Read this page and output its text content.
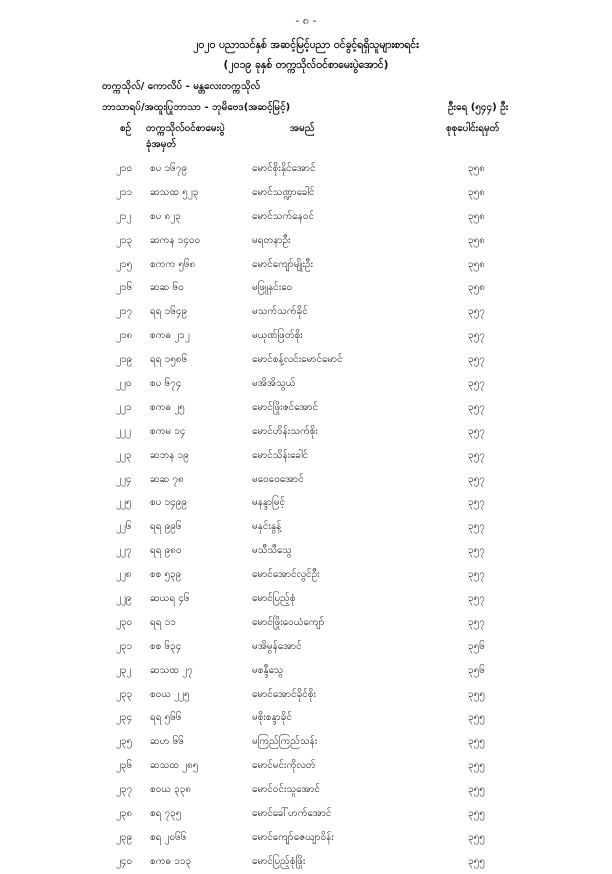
- ၈ -
၂၀၂၀ ပညာသင်နှစ် အဆင့်မြင့်ပညာ ဝင်ခွင့်ရရှိသူများစာရင်း
(၂၀၁၉ ခုနှစ် တက္ကသိုလ်ဝင်စာမေးပွဲအောင်)
တက္ကသိုလ်/ ကောလိပ် - မန္တလေးတက္ကသိုလ်
ဘာသာရပ်/အထူးပြုဘာသာ - ဘုမိဗေဒ(အဆင့်မြင့်)	ဦးရေ (၅၄၄) ဦး
စဉ် တက္ကသိုလ်ဝင်စာမေးပွဲ
ခုံအမှတ်
အမည်	စုစုပေါင်းရမှတ်
၂၁၀ စပ ၁၆၇၉	မောင်စိုးနိုင်အောင်	၃၅၈
၂၁၁ ဆသထ ၅၂၃	မောင်သဏ္ဍာခေါင်	၃၅၈
၂၁၂ စပ ၈၂၃	မောင်သက်နေဝင်	၃၅၈
၂၁၃ ဆကန ၁၄၀၀	မရတနာဦး	၃၅၈
၂၁၅ စကက ၅၆၈	မောင်ကျော်မျိုးဦး	၃၅၈
၂၁၆ ဆဆ ၆၀	မဖြူနှင်းဝေ	၃၅၈
၂၁၇ ရရ ၁၆၄၉	မသက်သက်ခိုင်	၃၅၇
၂၁၈ စကဓ ၂၁၂	မယုဏ်ဖြတ်စိုး	၃၅၇
၂၁၉ ရရ ၁၅၈၆	မောင်စန့်လင်းမောင်မောင်	၃၅၇
၂၂၀ စပ ၆၇၄	မအိအိသွယ်	၃၅၇
၂၂၁ စကဓ ၂၅	မောင်ဖြိုးဇင်အောင်	၃၅၇
၂၂၂ စကမ ၁၄	မောင်ဟိန်းသက်စိုး	၃၅၇
၂၂၃ ဆဘန ၁၉	မောင်သိန်းခေါင်	၃၅၇
၂၂၄ ဆဆ ၇၈	မဝေဝေအောင်	၃၅၇
၂၂၅ စပ ၁၄၉၉	မနန္ဒာမြင့်	၃၅၇
၂၂၆ ရရ ၉၉၆	မနှင်းနွန့်	၃၅၇
၂၂၇ ရရ ၉၈၀	မသီသီသွေ	၃၅၇
၂၂၈ စစ ၅၃၉	မောင်အောင်လွင်ဦး	၃၅၇
၂၂၉ ဆယရ ၄၆	မောင်ပြည့်စုံ	၃၅၇
၂၃၀ ရရ ၁၁	မောင်ဖြိုးဝေယံကျော်	၃၅၇
၂၃၁ စစ ၆၃၄	မအိမွန်အောင်	၃၅၆
၂၃၂ ဆသထ ၂၇	မစန္ဒီသွေ	၃၅၆
၂၃၃ စဝယ ၂၂၅	မောင်အောင်ခိုင်စိုး	၃၅၅
၂၃၄ ရရ ၅၆၆	မစိုးစန္ဒာခိုင်	၃၅၅
၂၃၅ ဆဟ ၆၆	မကြည်ကြည်သန်း	၃၅၅
၂၃၆ ဆသထ ၂၈၅	မောင်မင်းကိုလတ်	၃၅၅
၂၃၇ စဝယ ၃၃၈	မောင်ဝင်းသူအောင်	၃၅၅
၂၃၈ စရ ၇၃၅	မောင်ခေါ်ဟက်အောင်	၃၅၅
၂၃၉ စရ ၂၀၆၆	မောင်ကျော်ဇေယျာဝိန်း	၃၅၅
၂၄၀ စကဓ ၁၁၃	မောင်ပြည့်စုံဖြိုး	၃၅၅
